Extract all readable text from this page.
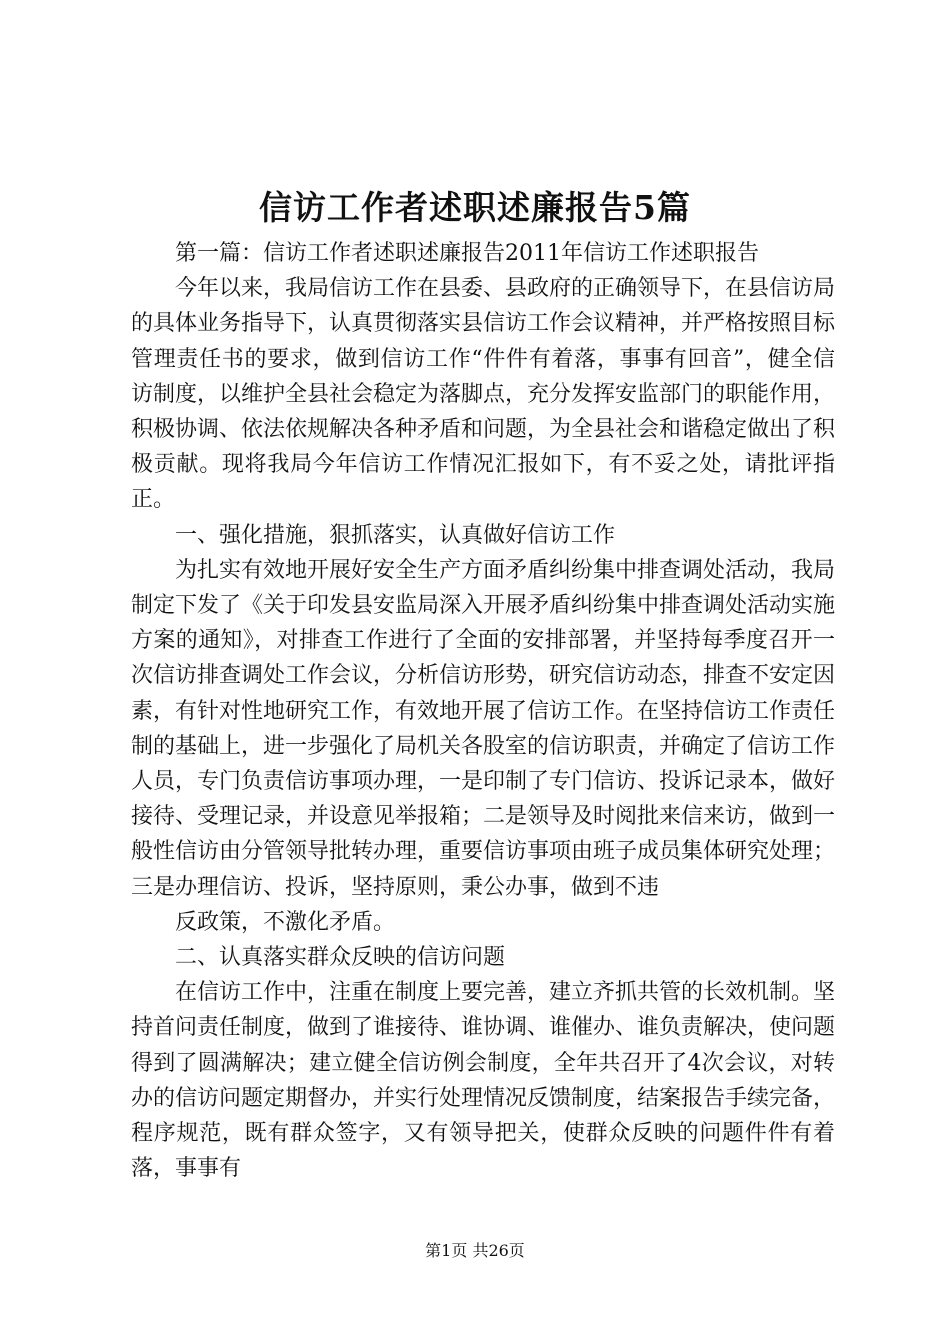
信访工作者述职述廉报告5篇

第一篇：信访工作者述职述廉报告2011年信访工作述职报告

今年以来，我局信访工作在县委、县政府的正确领导下，在县信访局的具体业务指导下，认真贯彻落实县信访工作会议精神，并严格按照目标管理责任书的要求，做到信访工作“件件有着落，事事有回音”，健全信访制度，以维护全县社会稳定为落脚点，充分发挥安监部门的职能作用，积极协调、依法依规解决各种矛盾和问题，为全县社会和谐稳定做出了积极贡献。现将我局今年信访工作情况汇报如下，有不妥之处，请批评指正。

一、强化措施，狠抓落实，认真做好信访工作

为扎实有效地开展好安全生产方面矛盾纠纷集中排查调处活动，我局制定下发了《关于印发县安监局深入开展矛盾纠纷集中排查调处活动实施方案的通知》，对排查工作进行了全面的安排部署，并坚持每季度召开一次信访排查调处工作会议，分析信访形势，研究信访动态，排查不安定因素，有针对性地研究工作，有效地开展了信访工作。在坚持信访工作责任制的基础上，进一步强化了局机关各股室的信访职责，并确定了信访工作人员，专门负责信访事项办理，一是印制了专门信访、投诉记录本，做好接待、受理记录，并设意见举报箱；二是领导及时阅批来信来访，做到一般性信访由分管领导批转办理，重要信访事项由班子成员集体研究处理；三是办理信访、投诉，坚持原则，秉公办事，做到不违

反政策，不激化矛盾。

二、认真落实群众反映的信访问题

在信访工作中，注重在制度上要完善，建立齐抓共管的长效机制。坚持首问责任制度，做到了谁接待、谁协调、谁催办、谁负责解决，使问题得到了圆满解决；建立健全信访例会制度，全年共召开了4次会议，对转办的信访问题定期督办，并实行处理情况反馈制度，结案报告手续完备，程序规范，既有群众签字，又有领导把关，使群众反映的问题件件有着落，事事有

第1页 共26页
